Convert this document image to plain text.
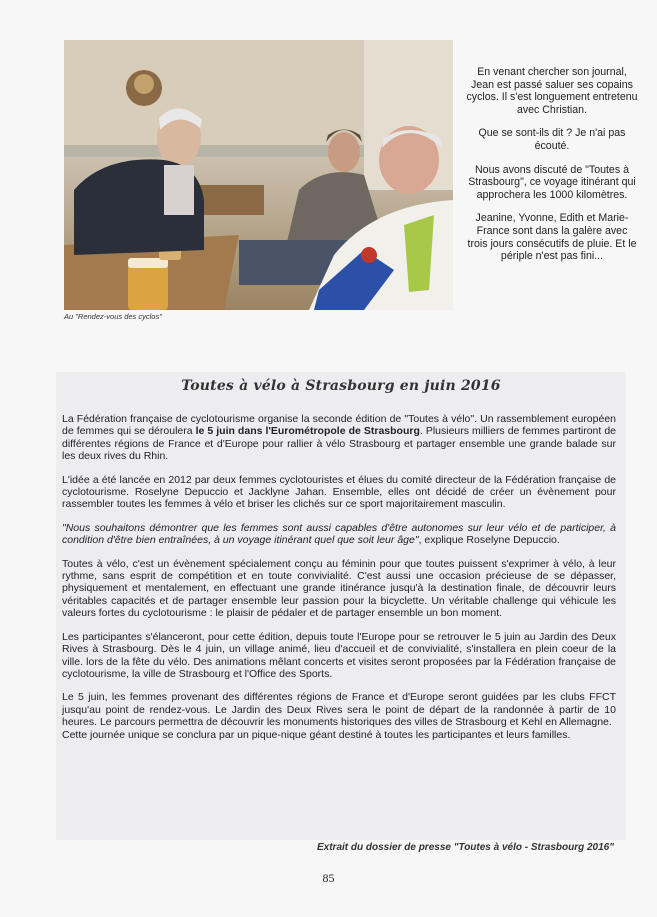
Au "Rendez-vous des cyclos"

En venant chercher son journal, Jean est passé saluer ses copains cyclos. Il s'est longuement entretenu avec Christian.

Que se sont-ils dit ? Je n'ai pas écouté.

Nous avons discuté de "Toutes à Strasbourg", ce voyage itinérant qui approchera les 1000 kilomètres.

Jeanine, Yvonne, Edith et Marie-France sont dans la galère avec trois jours consécutifs de pluie. Et le périple n'est pas fini...

Toutes à vélo à Strasbourg en juin 2016

La Fédération française de cyclotourisme organise la seconde édition de "Toutes à vélo". Un rassemblement européen de femmes qui se déroulera le 5 juin dans l'Eurométropole de Strasbourg. Plusieurs milliers de femmes partiront de différentes régions de France et d'Europe pour rallier à vélo Strasbourg et partager ensemble une grande balade sur les deux rives du Rhin.

L'idée a été lancée en 2012 par deux femmes cyclotouristes et élues du comité directeur de la Fédération française de cyclotourisme. Roselyne Depuccio et Jacklyne Jahan. Ensemble, elles ont décidé de créer un évènement pour rassembler toutes les femmes à vélo et briser les clichés sur ce sport majoritairement masculin.

"Nous souhaitons démontrer que les femmes sont aussi capables d'être autonomes sur leur vélo et de participer, à condition d'être bien entraînées, à un voyage itinérant quel que soit leur âge", explique Roselyne Depuccio.

Toutes à vélo, c'est un évènement spécialement conçu au féminin pour que toutes puissent s'exprimer à vélo, à leur rythme, sans esprit de compétition et en toute convivialité. C'est aussi une occasion précieuse de se dépasser, physiquement et mentalement, en effectuant une grande itinérance jusqu'à la destination finale, de découvrir leurs véritables capacités et de partager ensemble leur passion pour la bicyclette. Un véritable challenge qui véhicule les valeurs fortes du cyclotourisme : le plaisir de pédaler et de partager ensemble un bon moment.

Les participantes s'élanceront, pour cette édition, depuis toute l'Europe pour se retrouver le 5 juin au Jardin des Deux Rives à Strasbourg. Dès le 4 juin, un village animé, lieu d'accueil et de convivialité, s'installera en plein coeur de la ville. lors de la fête du vélo. Des animations mêlant concerts et visites seront proposées par la Fédération française de cyclotourisme, la ville de Strasbourg et l'Office des Sports.

Le 5 juin, les femmes provenant des différentes régions de France et d'Europe seront guidées par les clubs FFCT jusqu'au point de rendez-vous. Le Jardin des Deux Rives sera le point de départ de la randonnée à partir de 10 heures. Le parcours permettra de découvrir les monuments historiques des villes de Strasbourg et Kehl en Allemagne.

Cette journée unique se conclura par un pique-nique géant destiné à toutes les participantes et leurs familles.

Extrait du dossier de presse "Toutes à vélo - Strasbourg 2016"
85
